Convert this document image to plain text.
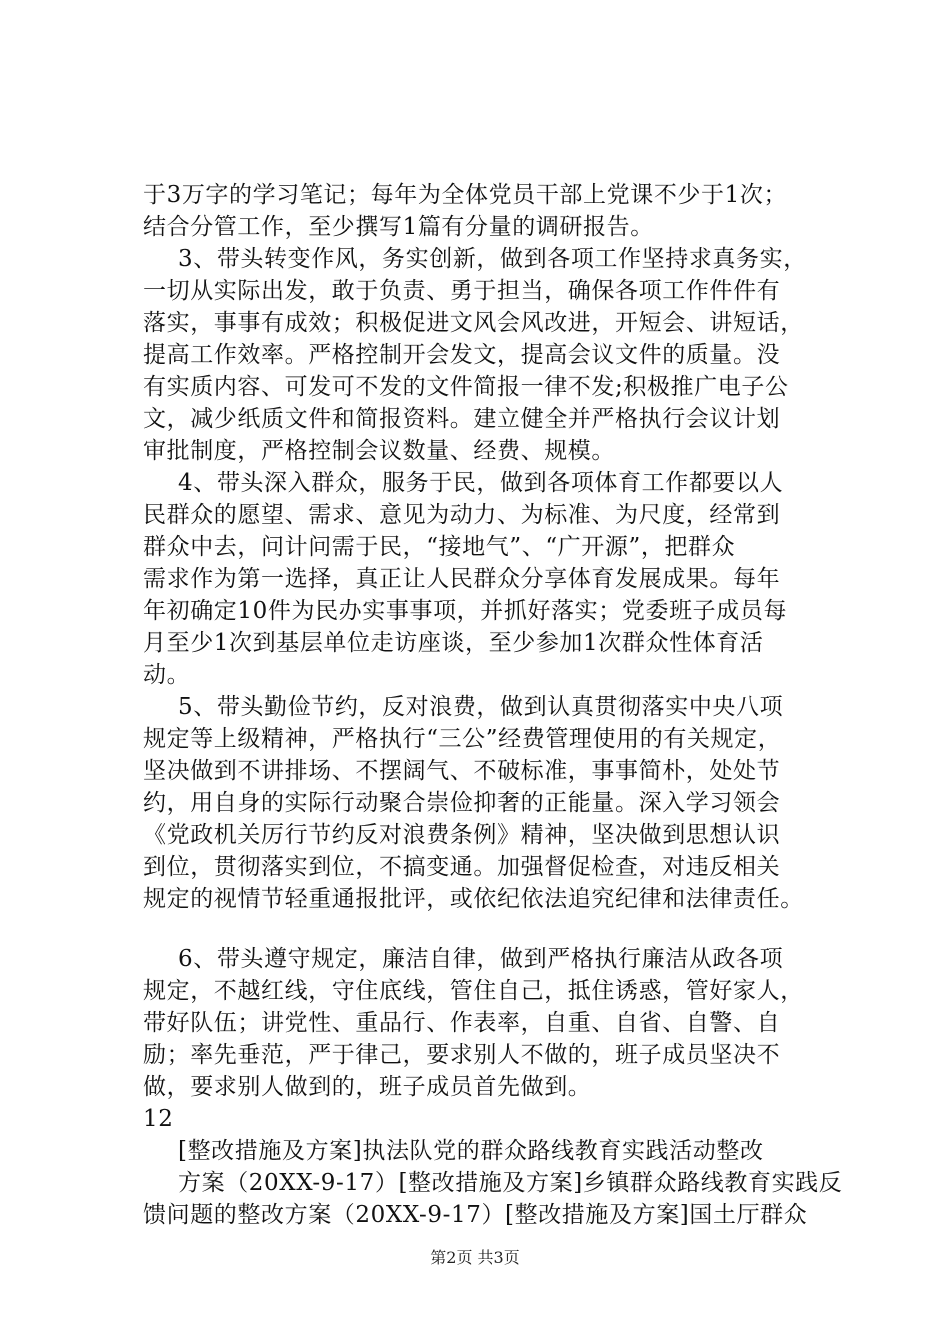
于3万字的学习笔记；每年为全体党员干部上党课不少于1次；
结合分管工作，至少撰写1篇有分量的调研报告。
3、带头转变作风，务实创新，做到各项工作坚持求真务实，
一切从实际出发，敢于负责、勇于担当，确保各项工作件件有
落实，事事有成效；积极促进文风会风改进，开短会、讲短话，
提高工作效率。严格控制开会发文，提高会议文件的质量。没
有实质内容、可发可不发的文件简报一律不发;积极推广电子公
文，减少纸质文件和简报资料。建立健全并严格执行会议计划
审批制度，严格控制会议数量、经费、规模。
4、带头深入群众，服务于民，做到各项体育工作都要以人
民群众的愿望、需求、意见为动力、为标准、为尺度，经常到
群众中去，问计问需于民，“接地气”、“广开源”，把群众
需求作为第一选择，真正让人民群众分享体育发展成果。每年
年初确定10件为民办实事事项，并抓好落实；党委班子成员每
月至少1次到基层单位走访座谈，至少参加1次群众性体育活
动。
5、带头勤俭节约，反对浪费，做到认真贯彻落实中央八项
规定等上级精神，严格执行“三公”经费管理使用的有关规定，
坚决做到不讲排场、不摆阔气、不破标准，事事简朴，处处节
约，用自身的实际行动聚合崇俭抑奢的正能量。深入学习领会
《党政机关厉行节约反对浪费条例》精神，坚决做到思想认识
到位，贯彻落实到位，不搞变通。加强督促检查，对违反相关
规定的视情节轻重通报批评，或依纪依法追究纪律和法律责任。
6、带头遵守规定，廉洁自律，做到严格执行廉洁从政各项
规定，不越红线，守住底线，管住自己，抵住诱惑，管好家人，
带好队伍；讲党性、重品行、作表率，自重、自省、自警、自
励；率先垂范，严于律己，要求别人不做的，班子成员坚决不
做，要求别人做到的，班子成员首先做到。
12
[整改措施及方案]执法队党的群众路线教育实践活动整改
方案（20XX-9-17）[整改措施及方案]乡镇群众路线教育实践反
馈问题的整改方案（20XX-9-17）[整改措施及方案]国土厅群众
第2页 共3页
